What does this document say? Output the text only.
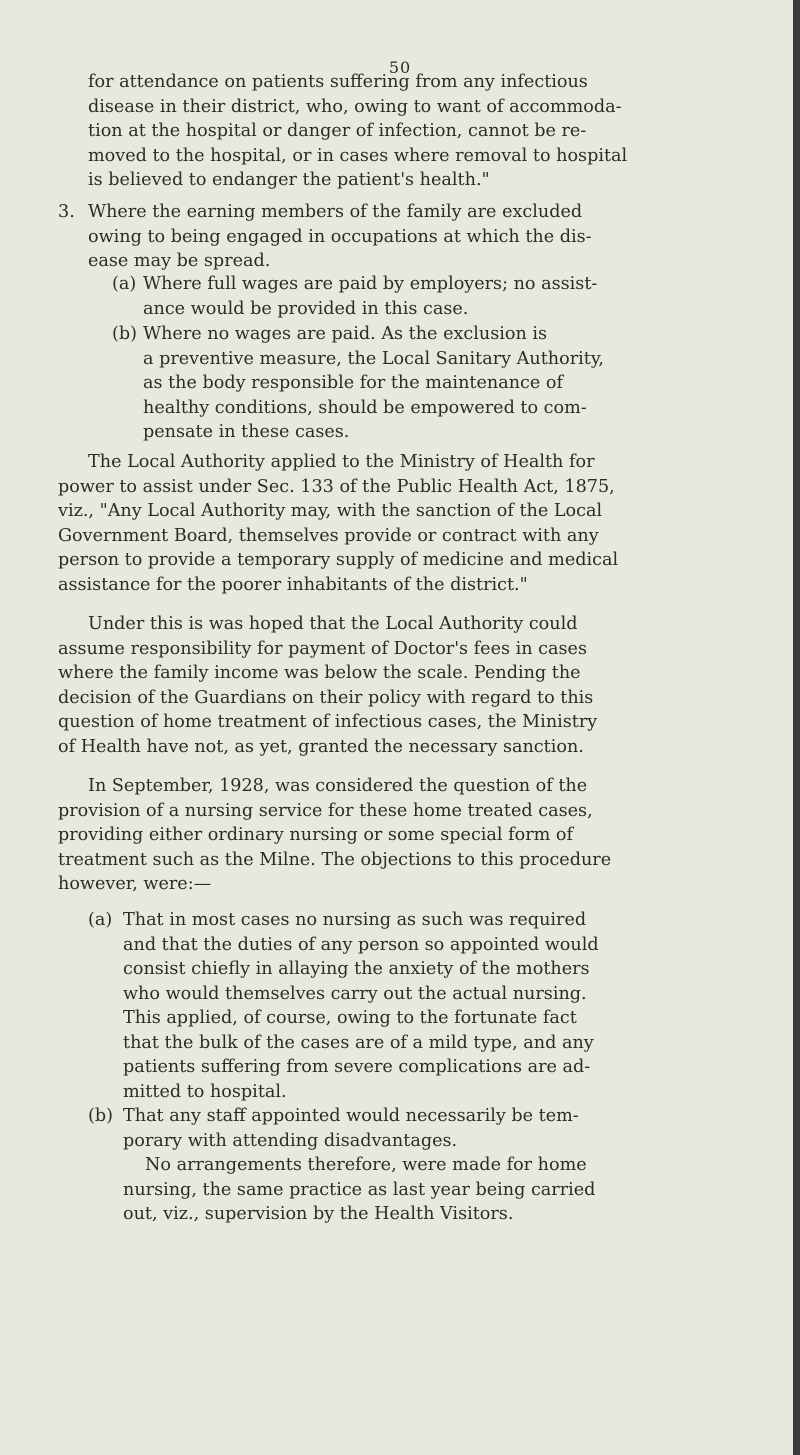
50
for attendance on patients suffering from any infectious
disease in their district, who, owing to want of accommoda-
tion at the hospital or danger of infection, cannot be re-
moved to the hospital, or in cases where removal to hospital
is believed to endanger the patient's health."
3. Where the earning members of the family are excluded
owing to being engaged in occupations at which the dis-
ease may be spread.
(a) Where full wages are paid by employers; no assist-
ance would be provided in this case.
(b) Where no wages are paid. As the exclusion is
a preventive measure, the Local Sanitary Authority,
as the body responsible for the maintenance of
healthy conditions, should be empowered to com-
pensate in these cases.
The Local Authority applied to the Ministry of Health for
power to assist under Sec. 133 of the Public Health Act, 1875,
viz., "Any Local Authority may, with the sanction of the Local
Government Board, themselves provide or contract with any
person to provide a temporary supply of medicine and medical
assistance for the poorer inhabitants of the district."
Under this is was hoped that the Local Authority could
assume responsibility for payment of Doctor's fees in cases
where the family income was below the scale. Pending the
decision of the Guardians on their policy with regard to this
question of home treatment of infectious cases, the Ministry
of Health have not, as yet, granted the necessary sanction.
In September, 1928, was considered the question of the
provision of a nursing service for these home treated cases,
providing either ordinary nursing or some special form of
treatment such as the Milne. The objections to this procedure
however, were:—
(a) That in most cases no nursing as such was required
and that the duties of any person so appointed would
consist chiefly in allaying the anxiety of the mothers
who would themselves carry out the actual nursing.
This applied, of course, owing to the fortunate fact
that the bulk of the cases are of a mild type, and any
patients suffering from severe complications are ad-
mitted to hospital.
(b) That any staff appointed would necessarily be tem-
porary with attending disadvantages.
No arrangements therefore, were made for home
nursing, the same practice as last year being carried
out, viz., supervision by the Health Visitors.
